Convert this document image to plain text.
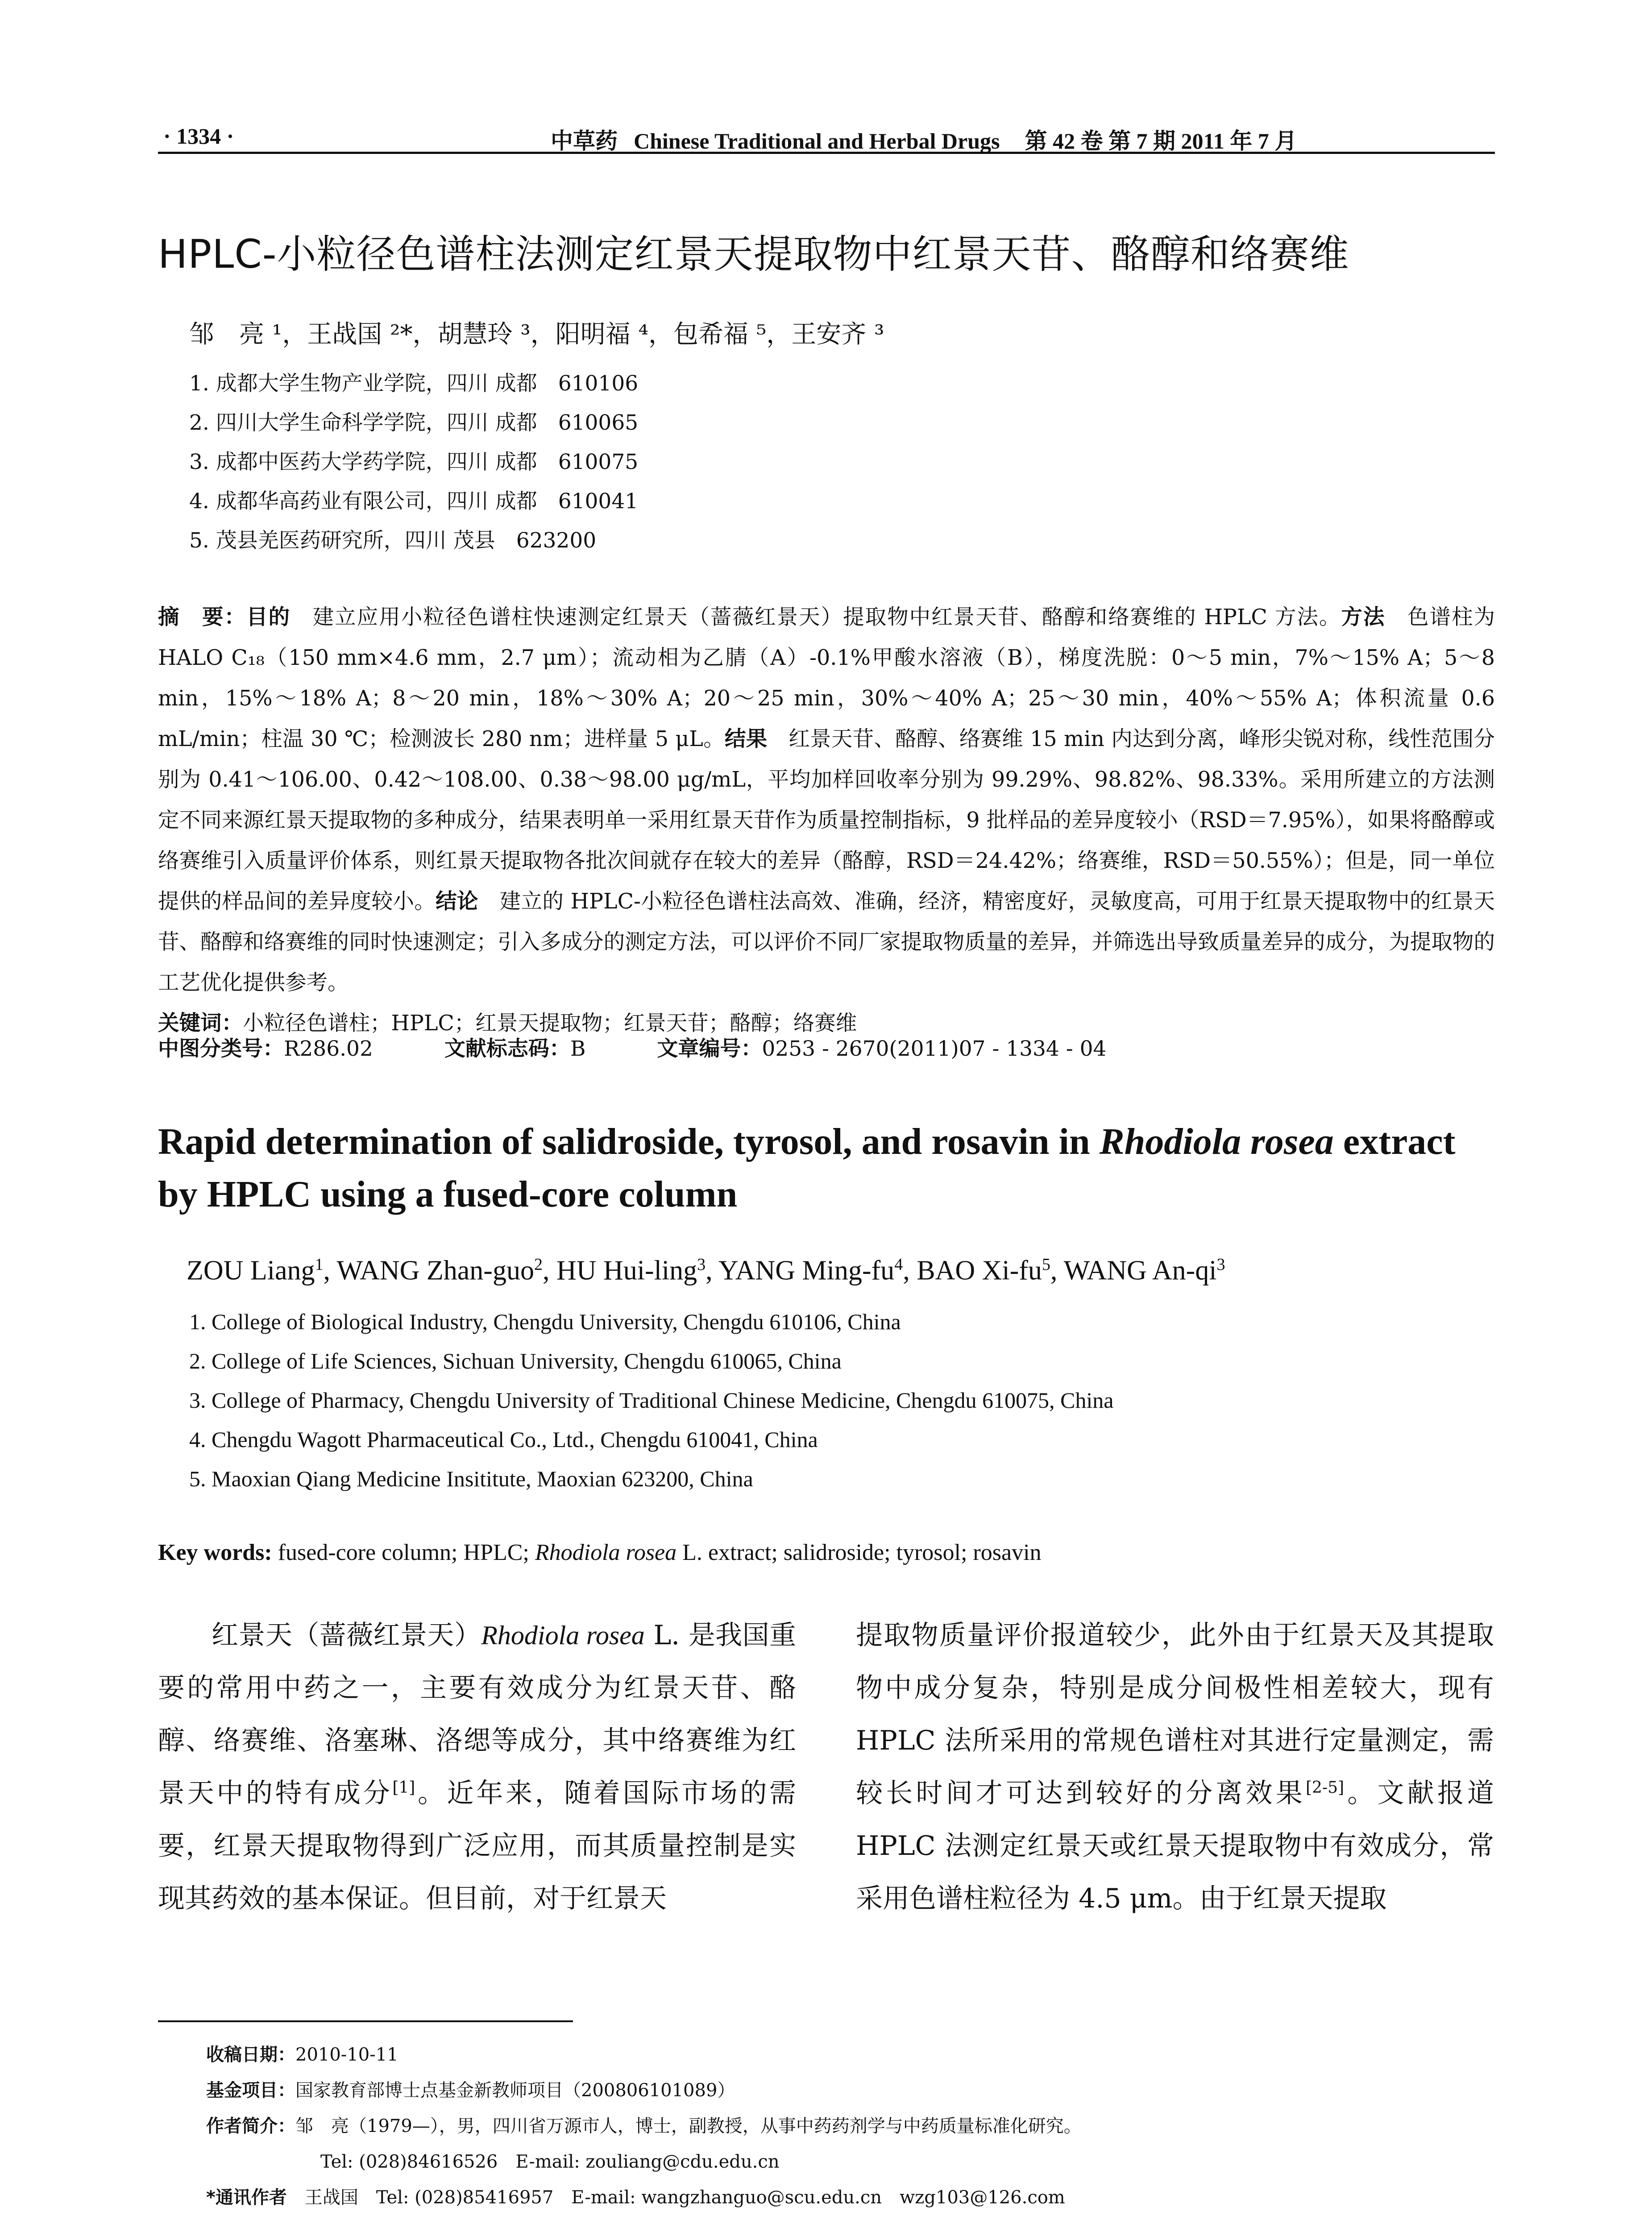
· 1334 ·	中草药 Chinese Traditional and Herbal Drugs 第 42 卷 第 7 期 2011 年 7 月
HPLC-小粒径色谱柱法测定红景天提取物中红景天苷、酪醇和络赛维
邹　亮 ¹，王战国 ²*，胡慧玲 ³，阳明福 ⁴，包希福 ⁵，王安齐 ³
1. 成都大学生物产业学院，四川 成都　610106
2. 四川大学生命科学学院，四川 成都　610065
3. 成都中医药大学药学院，四川 成都　610075
4. 成都华高药业有限公司，四川 成都　610041
5. 茂县羌医药研究所，四川 茂县　623200
摘　要：目的　建立应用小粒径色谱柱快速测定红景天（蔷薇红景天）提取物中红景天苷、酪醇和络赛维的 HPLC 方法。方法　色谱柱为 HALO C₁₈（150 mm×4.6 mm，2.7 μm）；流动相为乙腈（A）-0.1%甲酸水溶液（B），梯度洗脱：0～5 min，7%～15% A；5～8 min，15%～18% A；8～20 min，18%～30% A；20～25 min，30%～40% A；25～30 min，40%～55% A；体积流量 0.6 mL/min；柱温 30 ℃；检测波长 280 nm；进样量 5 μL。结果　红景天苷、酪醇、络赛维 15 min 内达到分离，峰形尖锐对称，线性范围分别为 0.41～106.00、0.42～108.00、0.38～98.00 μg/mL，平均加样回收率分别为 99.29%、98.82%、98.33%。采用所建立的方法测定不同来源红景天提取物的多种成分，结果表明单一采用红景天苷作为质量控制指标，9 批样品的差异度较小（RSD＝7.95%），如果将酪醇或络赛维引入质量评价体系，则红景天提取物各批次间就存在较大的差异（酪醇，RSD＝24.42%；络赛维，RSD＝50.55%）；但是，同一单位提供的样品间的差异度较小。结论　建立的 HPLC-小粒径色谱柱法高效、准确，经济，精密度好，灵敏度高，可用于红景天提取物中的红景天苷、酪醇和络赛维的同时快速测定；引入多成分的测定方法，可以评价不同厂家提取物质量的差异，并筛选出导致质量差异的成分，为提取物的工艺优化提供参考。
关键词：小粒径色谱柱；HPLC；红景天提取物；红景天苷；酪醇；络赛维
中图分类号：R286.02	文献标志码：B	文章编号：0253 - 2670(2011)07 - 1334 - 04
Rapid determination of salidroside, tyrosol, and rosavin in Rhodiola rosea extract by HPLC using a fused-core column
ZOU Liang$^1$, WANG Zhan-guo$^2$, HU Hui-ling$^3$, YANG Ming-$fu^4$, BAO $Xi-fu^5$, WANG $An-qi^3$
1. College of Biological Industry, Chengdu University, Chengdu 610106, China
2. College of Life Sciences, Sichuan University, Chengdu 610065, China
3. College of Pharmacy, Chengdu University of Traditional Chinese Medicine, Chengdu 610075, China
4. Chengdu Wagott Pharmaceutical Co., Ltd., Chengdu 610041, China
5. Maoxian Qiang Medicine Insititute, Maoxian 623200, China
Key words: fused-core column; HPLC; Rhodiola rosea L. extract; salidroside; tyrosol; rosavin
红景天（蔷薇红景天）Rhodiola rosea L. 是我国重要的常用中药之一，主要有效成分为红景天苷、酪醇、络赛维、洛塞琳、洛缌等成分，其中络赛维为红景天中的特有成分[1]。近年来，随着国际市场的需要，红景天提取物得到广泛应用，而其质量控制是实现其药效的基本保证。但目前，对于红景天
提取物质量评价报道较少，此外由于红景天及其提取物中成分复杂，特别是成分间极性相差较大，现有 HPLC 法所采用的常规色谱柱对其进行定量测定，需较长时间才可达到较好的分离效果[2-5]。文献报道 HPLC 法测定红景天或红景天提取物中有效成分，常采用色谱柱粒径为 4.5 μm。由于红景天提取
收稿日期：2010-10-11
基金项目：国家教育部博士点基金新教师项目（200806101089）
作者简介：邹　亮（1979—），男，四川省万源市人，博士，副教授，从事中药药剂学与中药质量标准化研究。
Tel: (028)84616526　E-mail: zouliang@cdu.edu.cn
*通讯作者　王战国　Tel: (028)85416957　E-mail: wangzhanguo@scu.edu.cn　wzg103@126.com
